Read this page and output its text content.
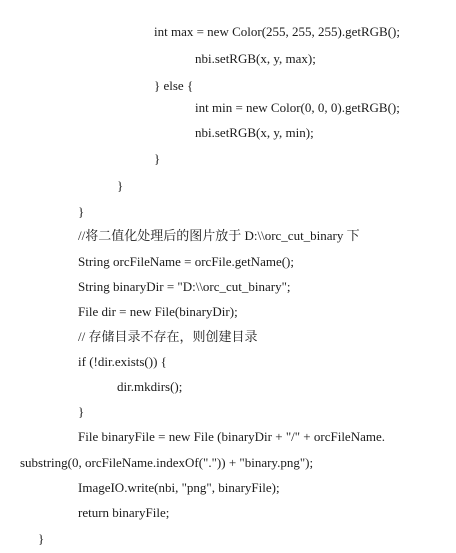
int max = new Color(255, 255, 255).getRGB();
nbi.setRGB(x, y, max);
} else {
int min = new Color(0, 0, 0).getRGB();
nbi.setRGB(x, y, min);
}
}
}
//将二值化处理后的图片放于 D:\\orc_cut_binary 下
String orcFileName = orcFile.getName();
String binaryDir = "D:\\orc_cut_binary";
File dir = new File(binaryDir);
// 存储目录不存在，则创建目录
if (!dir.exists()) {
dir.mkdirs();
}
File binaryFile = new File (binaryDir + "/" + orcFileName.
substring(0, orcFileName.indexOf(".")) + "binary.png");
ImageIO.write(nbi, "png", binaryFile);
return binaryFile;
}
